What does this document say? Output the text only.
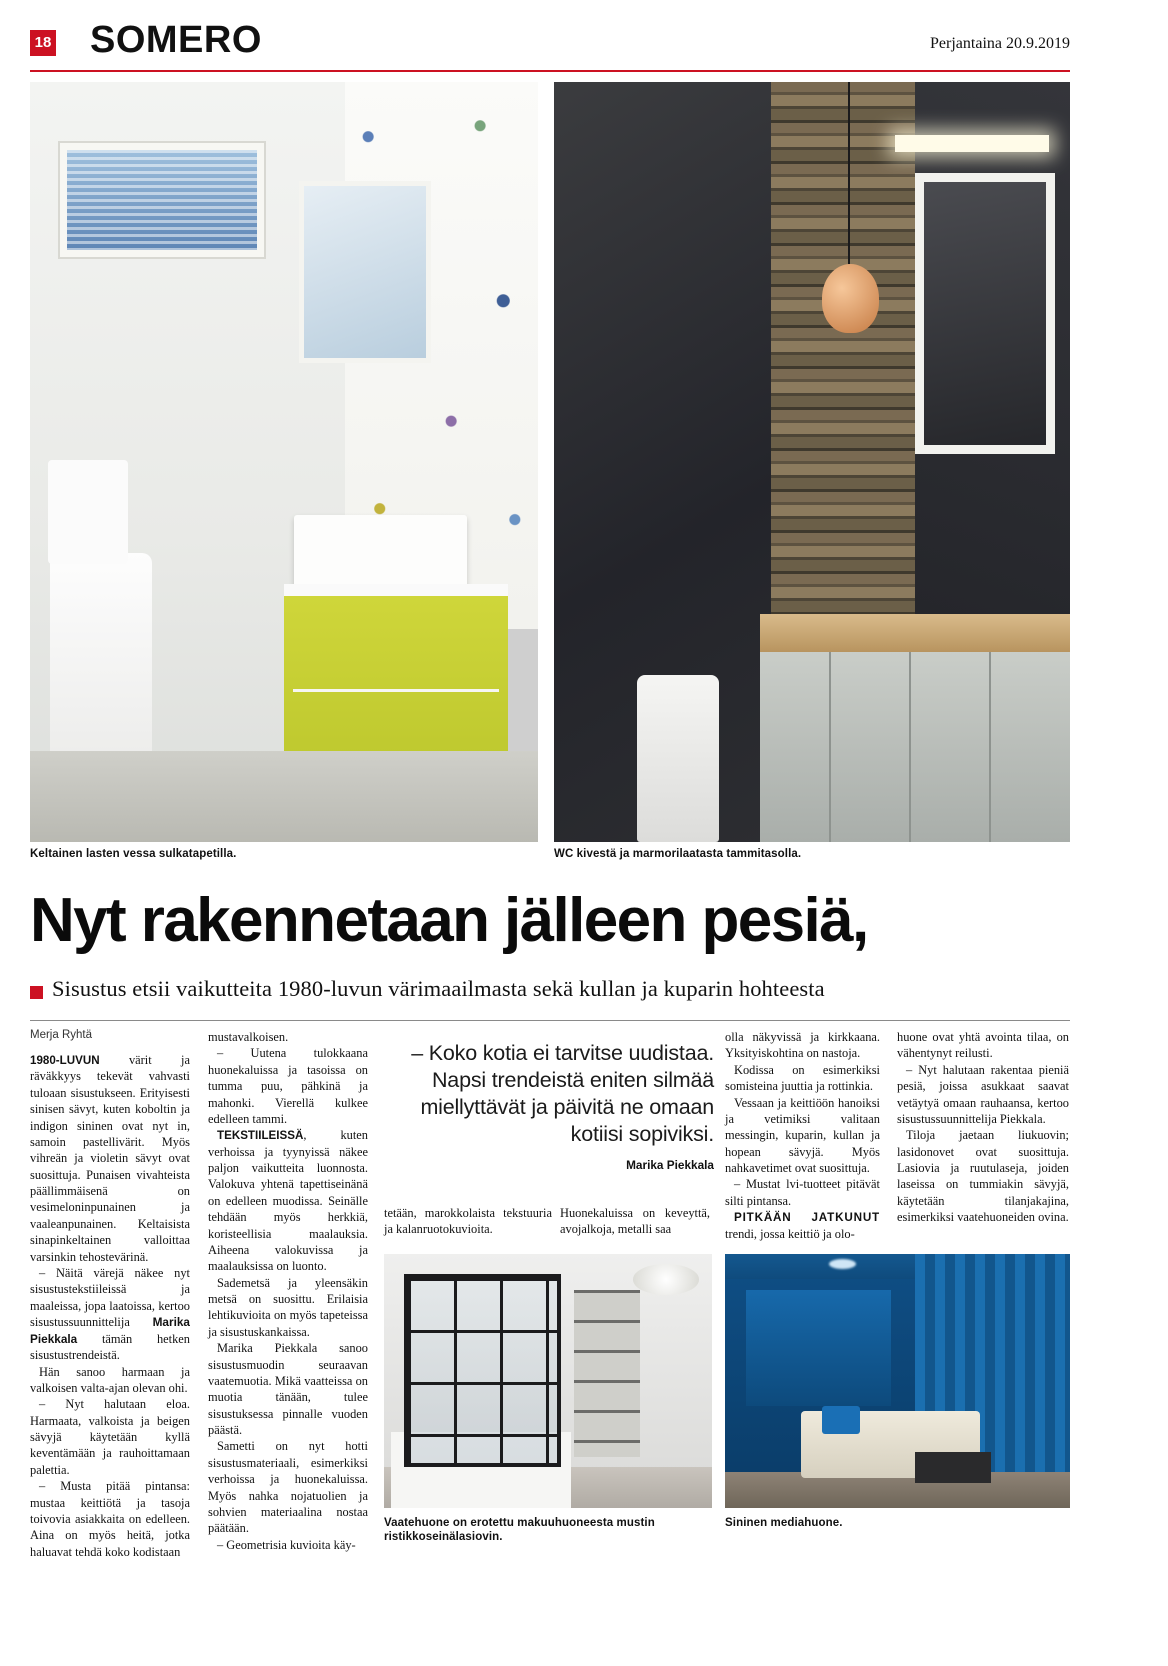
18 SOMERO	Perjantaina 20.9.2019
Keltainen lasten vessa sulkatapetilla.	WC kivestä ja marmorilaatasta tammitasolla.
Nyt rakennetaan jälleen pesiä,
Sisustus etsii vaikutteita 1980-luvun värimaailmasta sekä kullan ja kuparin hohteesta
Merja Ryhtä

1980-LUVUN värit ja räväkkyys tekevät vahvasti tuloaan sisustukseen. Erityisesti sinisen sävyt, kuten koboltin ja indigon sininen ovat nyt in, samoin pastellivärit. Myös vihreän ja violetin sävyt ovat suosittuja. Punaisen vivahteista päällimmäisenä on vesimeloninpunainen ja vaaleanpunainen. Keltaisista sinapinkeltainen valloittaa varsinkin tehostevärinä.

– Näitä värejä näkee nyt sisustustekstiileissä ja maaleissa, jopa laatoissa, kertoo sisustussuunnittelija Marika Piekkala tämän hetken sisustustrendeistä.

Hän sanoo harmaan ja valkoisen valta-ajan olevan ohi.

– Nyt halutaan eloa. Harmaata, valkoista ja beigen sävyjä käytetään kyllä keventämään ja rauhoittamaan palettia.

– Musta pitää pintansa: mustaa keittiötä ja tasoja toivovia asiakkaita on edelleen. Aina on myös heitä, jotka haluavat tehdä koko kodistaan

mustavalkoisen.

– Uutena tulokkaana huonekaluissa ja tasoissa on tumma puu, pähkinä ja mahonki. Vierellä kulkee edelleen tammi.

TEKSTIILEISSÄ, kuten verhoissa ja tyynyissä näkee paljon vaikutteita luonnosta. Valokuva yhtenä tapettiseinänä on edelleen muodissa. Seinälle tehdään myös herkkiä, koristeellisia maalauksia. Aiheena valokuvissa ja maalauksissa on luonto.

Sademetsä ja yleensäkin metsä on suosittu. Erilaisia lehtikuvioita on myös tapeteissa ja sisustuskankaissa.

Marika Piekkala sanoo sisustusmuodin seuraavan vaatemuotia. Mikä vaatteissa on muotia tänään, tulee sisustuksessa pinnalle vuoden päästä.

Sametti on nyt hotti sisustusmateriaali, esimerkiksi verhoissa ja huonekaluissa. Myös nahka nojatuolien ja sohvien materiaalina nostaa päätään.

– Geometrisia kuvioita käy-

tetään, marokkolaista tekstuuria ja kalanruotokuvioita.

Huonekaluissa on keveyttä, avojalkoja, metalli saa

olla näkyvissä ja kirkkaana. Yksityiskohtina on nastoja.

Kodissa on esimerkiksi somisteina juuttia ja rottinkia.

Vessaan ja keittiöön hanoiksi ja vetimiksi valitaan messingin, kuparin, kullan ja hopean sävyjä. Myös nahkavetimet ovat suosittuja.

– Mustat lvi-tuotteet pitävät silti pintansa.

PITKÄÄN JATKUNUT trendi, jossa keittiö ja olo-

huone ovat yhtä avointa tilaa, on vähentynyt reilusti.

– Nyt halutaan rakentaa pieniä pesiä, joissa asukkaat saavat vetäytyä omaan rauhaansa, kertoo sisustussuunnittelija Piekkala.

Tiloja jaetaan liukuovin; lasidonovet ovat suosittuja. Lasiovia ja ruutulaseja, joiden laseissa on tummiakin sävyjä, käytetään tilanjakajina, esimerkiksi vaatehuoneiden ovina.

– Koko kotia ei tarvitse uudistaa. Napsi trendeistä eniten silmää miellyttävät ja päivitä ne omaan kotiisi sopiviksi.
Marika Piekkala
Vaatehuone on erotettu makuuhuoneesta mustin ristikkoseinälasiovin.
Sininen mediahuone.
